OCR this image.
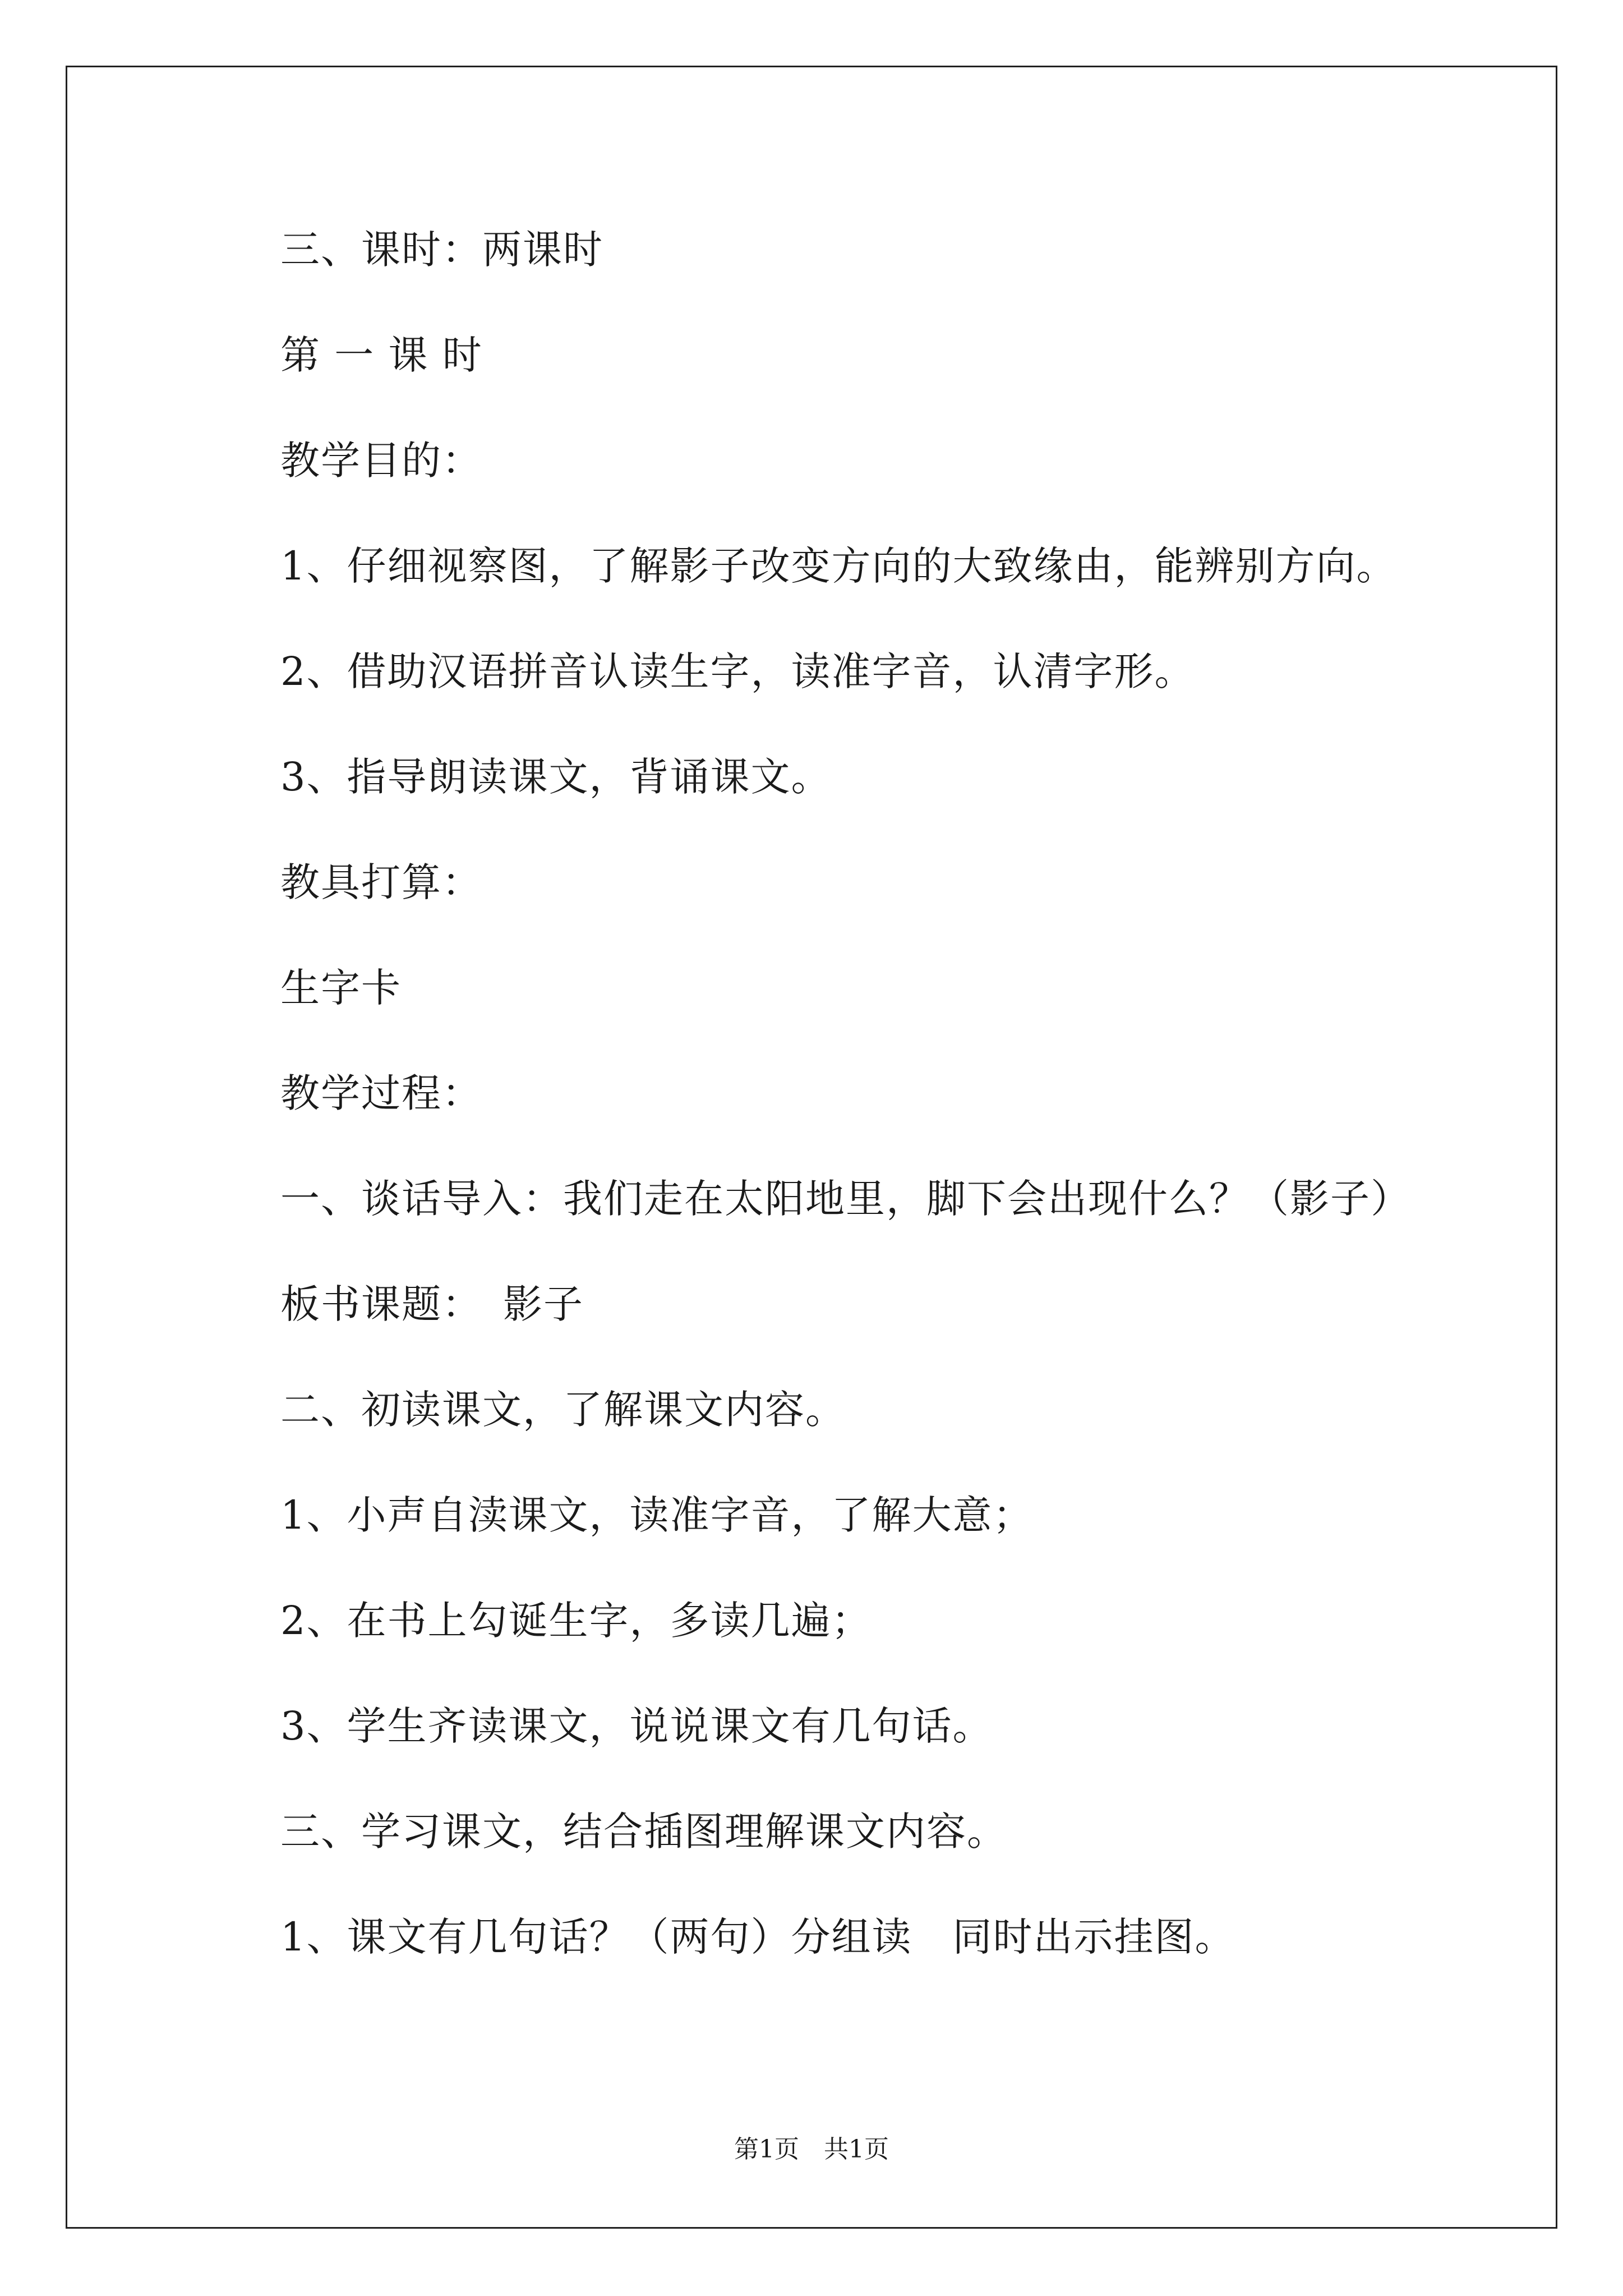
三、课时：两课时
第 一 课 时
教学目的：
1、仔细视察图，了解影子改变方向的大致缘由，能辨别方向。
2、借助汉语拼音认读生字，读准字音，认清字形。
3、指导朗读课文，背诵课文。
教具打算：
生字卡
教学过程：
一、谈话导入：我们走在太阳地里，脚下会出现什么？（影子）
板书课题：　影子
二、初读课文，了解课文内容。
1、小声自渎课文，读准字音，了解大意；
2、在书上勾诞生字，多读几遍；
3、学生齐读课文，说说课文有几句话。
三、学习课文，结合插图理解课文内容。
1、课文有几句话？（两句）分组读　同时出示挂图。
第1页　共1页
